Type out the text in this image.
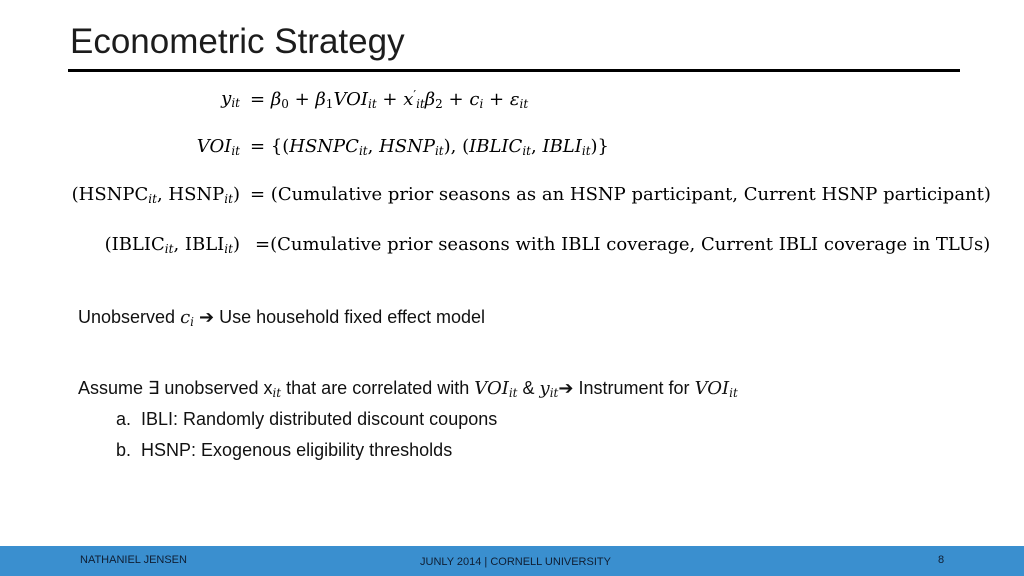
Econometric Strategy
$y_{it} = \beta_0 + \beta_1VOI_{it} + x'_{it}\beta_2 + c_i + \varepsilon_{it}$
$VOI_{it}$ = {($HSNPC_{it}$, $HSNP_{it}$), ($IBLIC_{it}$, $IBLI_{it}$)}
($HSNPC_{it}$, $HSNP_{it}$) = (Cumulative prior seasons as an HSNP participant, Current HSNP participant)
($IBLIC_{it}$, $IBLI_{it}$) =(Cumulative prior seasons with IBLI coverage, Current IBLI coverage in TLUs)
Unobserved $c_i$ ➔ Use household fixed effect model
Assume ∃ unobserved $x_{it}$ that are correlated with $VOI_{it}$ & $y_{it}➔$ Instrument for $VOI_{it}$
a. IBLI: Randomly distributed discount coupons
b. HSNP: Exogenous eligibility thresholds
NATHANIEL JENSEN	JUNLY 2014 | CORNELL UNIVERSITY	8
